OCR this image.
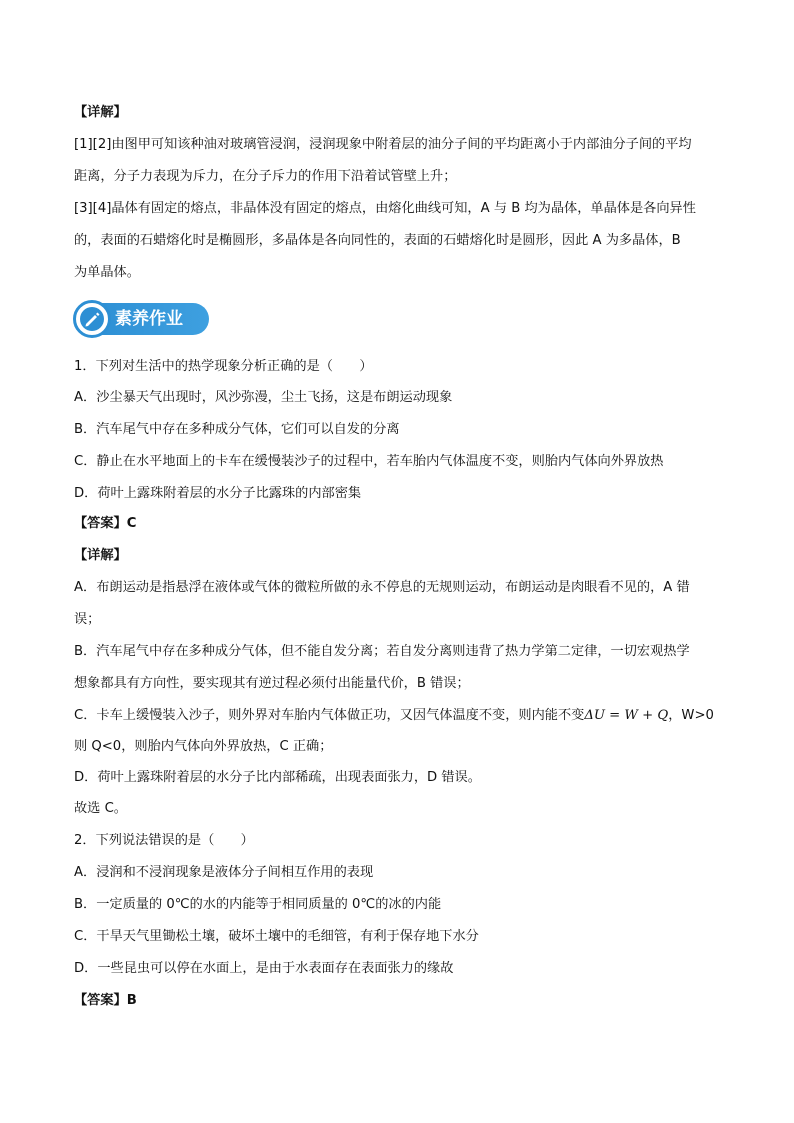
【详解】
[1][2]由图甲可知该种油对玻璃管浸润，浸润现象中附着层的油分子间的平均距离小于内部油分子间的平均
距离，分子力表现为斥力，在分子斥力的作用下沿着试管壁上升；
[3][4]晶体有固定的熔点，非晶体没有固定的熔点，由熔化曲线可知，A 与 B 均为晶体，单晶体是各向异性
的，表面的石蜡熔化时是椭圆形，多晶体是各向同性的，表面的石蜡熔化时是圆形，因此 A 为多晶体，B
为单晶体。
素养作业
1．下列对生活中的热学现象分析正确的是（　　）
A．沙尘暴天气出现时，风沙弥漫，尘土飞扬，这是布朗运动现象
B．汽车尾气中存在多种成分气体，它们可以自发的分离
C．静止在水平地面上的卡车在缓慢装沙子的过程中，若车胎内气体温度不变，则胎内气体向外界放热
D．荷叶上露珠附着层的水分子比露珠的内部密集
【答案】C
【详解】
A．布朗运动是指悬浮在液体或气体的微粒所做的永不停息的无规则运动，布朗运动是肉眼看不见的，A 错
误；
B．汽车尾气中存在多种成分气体，但不能自发分离；若自发分离则违背了热力学第二定律，一切宏观热学
想象都具有方向性，要实现其有逆过程必须付出能量代价，B 错误；
C．卡车上缓慢装入沙子，则外界对车胎内气体做正功，又因气体温度不变，则内能不变ΔU = W + Q，W>0
则 Q<0，则胎内气体向外界放热，C 正确；
D．荷叶上露珠附着层的水分子比内部稀疏，出现表面张力，D 错误。
故选 C。
2．下列说法错误的是（　　）
A．浸润和不浸润现象是液体分子间相互作用的表现
B．一定质量的 0℃的水的内能等于相同质量的 0℃的冰的内能
C．干旱天气里锄松土壤，破坏土壤中的毛细管，有利于保存地下水分
D．一些昆虫可以停在水面上，是由于水表面存在表面张力的缘故
【答案】B
